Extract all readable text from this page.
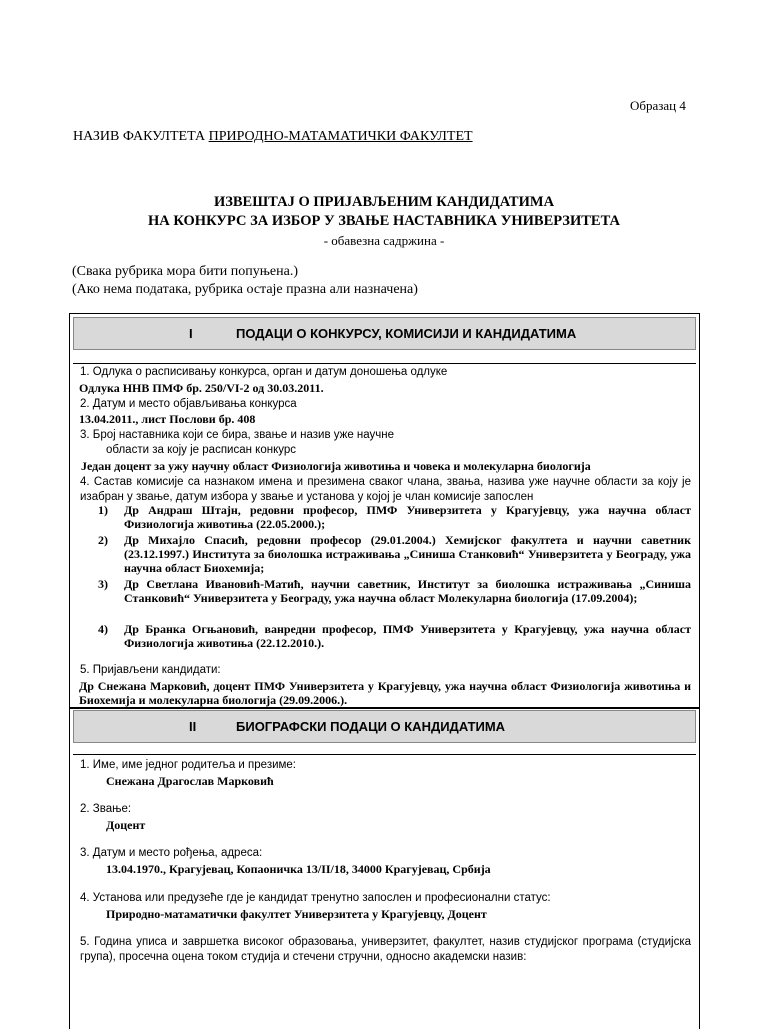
Образац 4
НАЗИВ ФАКУЛТЕТА ПРИРОДНО-МАТАМАТИЧКИ ФАКУЛТЕТ
ИЗВЕШТАЈ О ПРИЈАВЉЕНИМ КАНДИДАТИМА
НА КОНКУРС ЗА ИЗБОР У ЗВАЊЕ НАСТАВНИКА УНИВЕРЗИТЕТА
- обавезна садржина -
(Свака рубрика мора бити попуњена.)
(Ако нема података, рубрика остаје празна али назначена)
I	ПОДАЦИ О КОНКУРСУ, КОМИСИЈИ И КАНДИДАТИМА
1. Одлука о расписивању конкурса, орган и датум доношења одлуке
Одлука ННВ ПМФ бр. 250/VI-2 од 30.03.2011.
2. Датум и место објављивања конкурса
13.04.2011., лист Послови бр. 408
3. Број наставника који се бира, звање и назив уже научне
области за коју је расписан конкурс
Један доцент за ужу научну област Физиологија животиња и човека и молекуларна биологија
4. Састав комисије са назнаком имена и презимена сваког члана, звања, назива уже научне области за коју је изабран у звање, датум избора у звање и установа у којој је члан комисије запослен
1) Др Андраш Штајн, редовни професор, ПМФ Универзитета у Крагујевцу, ужа научна област Физиологија животиња (22.05.2000.);
2) Др Михајло Спасић, редовни професор (29.01.2004.) Хемијског факултета и научни саветник (23.12.1997.) Института за биолошка истраживања „Синиша Станковић“ Универзитета у Београду, ужа научна област Биохемија;
3) Др Светлана Ивановић-Матић, научни саветник, Институт за биолошка истраживања „Синиша Станковић“ Универзитета у Београду, ужа научна област Молекуларна биологија (17.09.2004);
4) Др Бранка Огњановић, ванредни професор, ПМФ Универзитета у Крагујевцу, ужа научна област Физиологија животиња (22.12.2010.).
5. Пријављени кандидати:
Др Снежана Марковић, доцент ПМФ Универзитета у Крагујевцу, ужа научна област Физиологија животиња и Биохемија и молекуларна биологија (29.09.2006.).
II	БИОГРАФСКИ ПОДАЦИ О КАНДИДАТИМА
1. Име, име једног родитеља и презиме:
Снежана Драгослав Марковић
2. Звање:
Доцент
3. Датум и место рођења, адреса:
13.04.1970., Крагујевац, Копаоничка 13/II/18, 34000 Крагујевац, Србија
4. Установа или предузеће где је кандидат тренутно запослен и професионални статус:
Природно-матаматички факултет Универзитета у Крагујевцу, Доцент
5. Година уписа и завршетка високог образовања, универзитет, факултет, назив студијског програма (студијска група), просечна оцена током студија и стечени стручни, односно академски назив:
